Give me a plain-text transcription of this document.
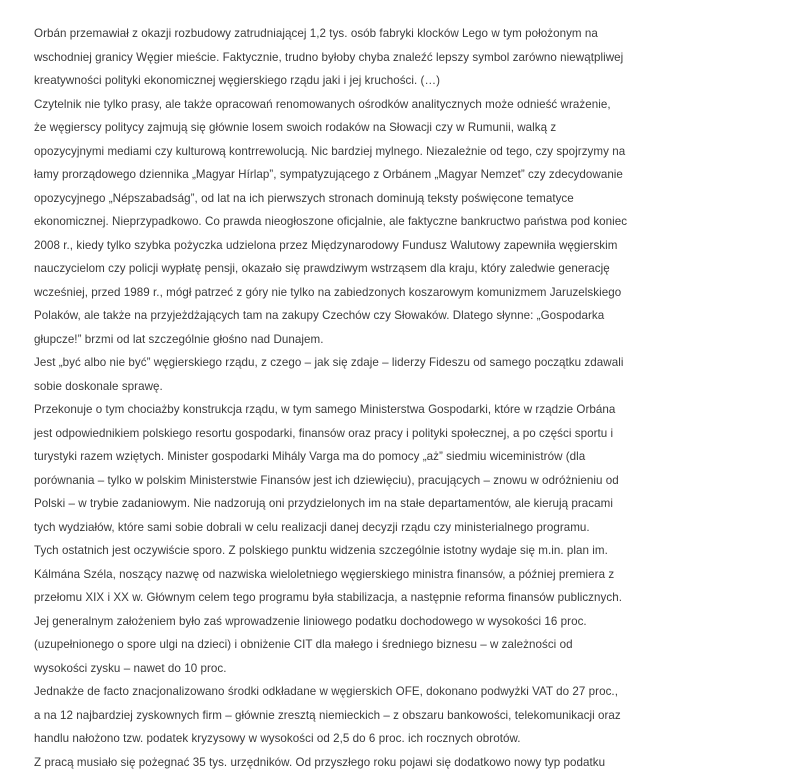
Orbán przemawiał z okazji rozbudowy zatrudniającej 1,2 tys. osób fabryki klocków Lego w tym położonym na
wschodniej granicy Węgier mieście. Faktycznie, trudno byłoby chyba znaleźć lepszy symbol zarówno niewątpliwej
kreatywności polityki ekonomicznej węgierskiego rządu jaki i jej kruchości. (…)
Czytelnik nie tylko prasy, ale także opracowań renomowanych ośrodków analitycznych może odnieść wrażenie,
że węgierscy politycy zajmują się głównie losem swoich rodaków na Słowacji czy w Rumunii, walką z
opozycyjnymi mediami czy kulturową kontrrewolucją. Nic bardziej mylnego. Niezależnie od tego, czy spojrzymy na
łamy prorządowego dziennika „Magyar Hírlap”, sympatyzującego z Orbánem „Magyar Nemzet” czy zdecydowanie
opozycyjnego „Népszabadság”, od lat na ich pierwszych stronach dominują teksty poświęcone tematyce
ekonomicznej. Nieprzypadkowo. Co prawda nieogłoszone oficjalnie, ale faktyczne bankructwo państwa pod koniec
2008 r., kiedy tylko szybka pożyczka udzielona przez Międzynarodowy Fundusz Walutowy zapewniła węgierskim
nauczycielom czy policji wypłatę pensji, okazało się prawdziwym wstrząsem dla kraju, który zaledwie generację
wcześniej, przed 1989 r., mógł patrzeć z góry nie tylko na zabiedzonych koszarowym komunizmem Jaruzelskiego
Polaków, ale także na przyjeżdżających tam na zakupy Czechów czy Słowaków. Dlatego słynne: „Gospodarka
głupcze!” brzmi od lat szczególnie głośno nad Dunajem.
Jest „być albo nie być” węgierskiego rządu, z czego – jak się zdaje – liderzy Fideszu od samego początku zdawali
sobie doskonale sprawę.
Przekonuje o tym chociażby konstrukcja rządu, w tym samego Ministerstwa Gospodarki, które w rządzie Orbána
jest odpowiednikiem polskiego resortu gospodarki, finansów oraz pracy i polityki społecznej, a po części sportu i
turystyki razem wziętych. Minister gospodarki Mihály Varga ma do pomocy „aż” siedmiu wiceministrów (dla
porównania – tylko w polskim Ministerstwie Finansów jest ich dziewięciu), pracujących – znowu w odróżnieniu od
Polski – w trybie zadaniowym. Nie nadzorują oni przydzielonych im na stałe departamentów, ale kierują pracami
tych wydziałów, które sami sobie dobrali w celu realizacji danej decyzji rządu czy ministerialnego programu.
Tych ostatnich jest oczywiście sporo. Z polskiego punktu widzenia szczególnie istotny wydaje się m.in. plan im.
Kálmána Széla, noszący nazwę od nazwiska wieloletniego węgierskiego ministra finansów, a później premiera z
przełomu XIX i XX w. Głównym celem tego programu była stabilizacja, a następnie reforma finansów publicznych.
Jej generalnym założeniem było zaś wprowadzenie liniowego podatku dochodowego w wysokości 16 proc.
(uzupełnionego o spore ulgi na dzieci) i obniżenie CIT dla małego i średniego biznesu – w zależności od
wysokości zysku – nawet do 10 proc.
Jednakże de facto znacjonalizowano środki odkładane w węgierskich OFE, dokonano podwyżki VAT do 27 proc.,
a na 12 najbardziej zyskownych firm – głównie zresztą niemieckich – z obszaru bankowości, telekomunikacji oraz
handlu nałożono tzw. podatek kryzysowy w wysokości od 2,5 do 6 proc. ich rocznych obrotów.
Z pracą musiało się pożegnać 35 tys. urzędników. Od przyszłego roku pojawi się dodatkowo nowy typ podatku
